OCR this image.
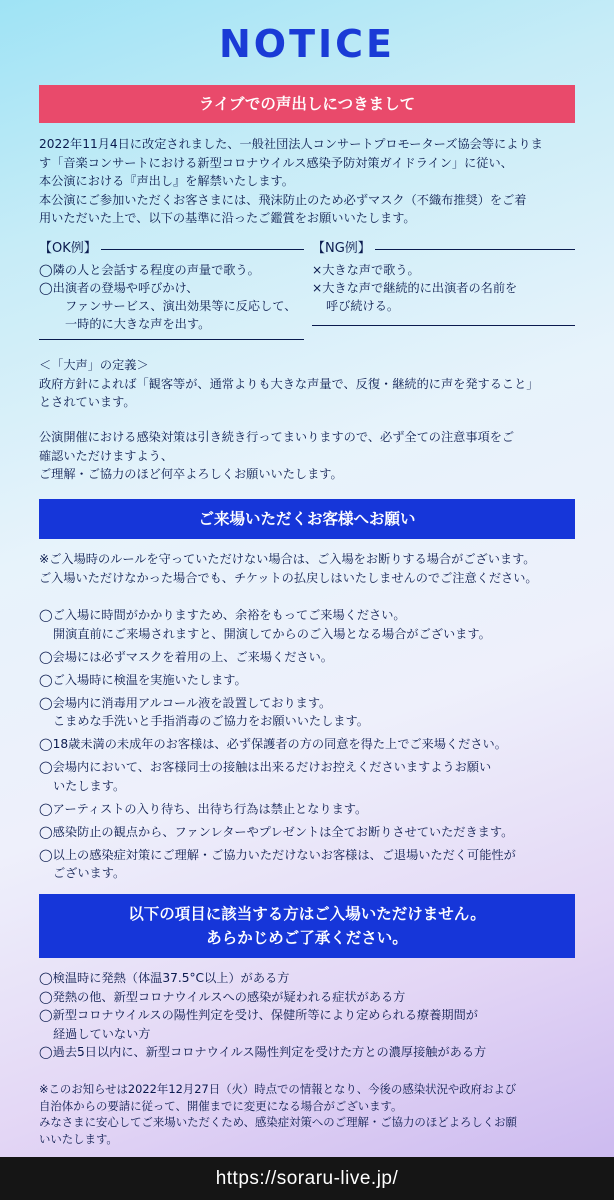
NOTICE
ライブでの声出しにつきまして

2022年11月4日に改定されました、一般社団法人コンサートプロモーターズ協会等によりま

す「音楽コンサートにおける新型コロナウイルス感染予防対策ガイドライン」に従い、

本公演における『声出し』を解禁いたします。

本公演にご参加いただくお客さまには、飛沫防止のため必ずマスク（不織布推奨）をご着

用いただいた上で、以下の基準に沿ったご鑑賞をお願いいたします。

【OK例】

◯隣の人と会話する程度の声量で歌う。

◯出演者の登場や呼びかけ、

ファンサービス、演出効果等に反応して、

一時的に大きな声を出す。

【NG例】

×大きな声で歌う。

×大きな声で継続的に出演者の名前を

呼び続ける。

＜「大声」の定義＞

政府方針によれば「観客等が、通常よりも大きな声量で、反復・継続的に声を発すること」

とされています。

公演開催における感染対策は引き続き行ってまいりますので、必ず全ての注意事項をご

確認いただけますよう、

ご理解・ご協力のほど何卒よろしくお願いいたします。

ご来場いただくお客様へお願い

※ご入場時のルールを守っていただけない場合は、ご入場をお断りする場合がございます。

ご入場いただけなかった場合でも、チケットの払戻しはいたしませんのでご注意ください。

◯ご入場に時間がかかりますため、余裕をもってご来場ください。

開演直前にご来場されますと、開演してからのご入場となる場合がございます。

◯会場には必ずマスクを着用の上、ご来場ください。

◯ご入場時に検温を実施いたします。

◯会場内に消毒用アルコール液を設置しております。

こまめな手洗いと手指消毒のご協力をお願いいたします。

◯18歳未満の未成年のお客様は、必ず保護者の方の同意を得た上でご来場ください。

◯会場内において、お客様同士の接触は出来るだけお控えくださいますようお願い

いたします。

◯アーティストの入り待ち、出待ち行為は禁止となります。

◯感染防止の観点から、ファンレターやプレゼントは全てお断りさせていただきます。

◯以上の感染症対策にご理解・ご協力いただけないお客様は、ご退場いただく可能性が

ございます。

以下の項目に該当する方はご入場いただけません。
あらかじめご了承ください。

◯検温時に発熱（体温37.5°C以上）がある方

◯発熱の他、新型コロナウイルスへの感染が疑われる症状がある方

◯新型コロナウイルスの陽性判定を受け、保健所等により定められる療養期間が

経過していない方

◯過去5日以内に、新型コロナウイルス陽性判定を受けた方との濃厚接触がある方

※このお知らせは2022年12月27日（火）時点での情報となり、今後の感染状況や政府および

自治体からの要請に従って、開催までに変更になる場合がございます。

みなさまに安心してご来場いただくため、感染症対策へのご理解・ご協力のほどよろしくお願

いいたします。

https://soraru-live.jp/
